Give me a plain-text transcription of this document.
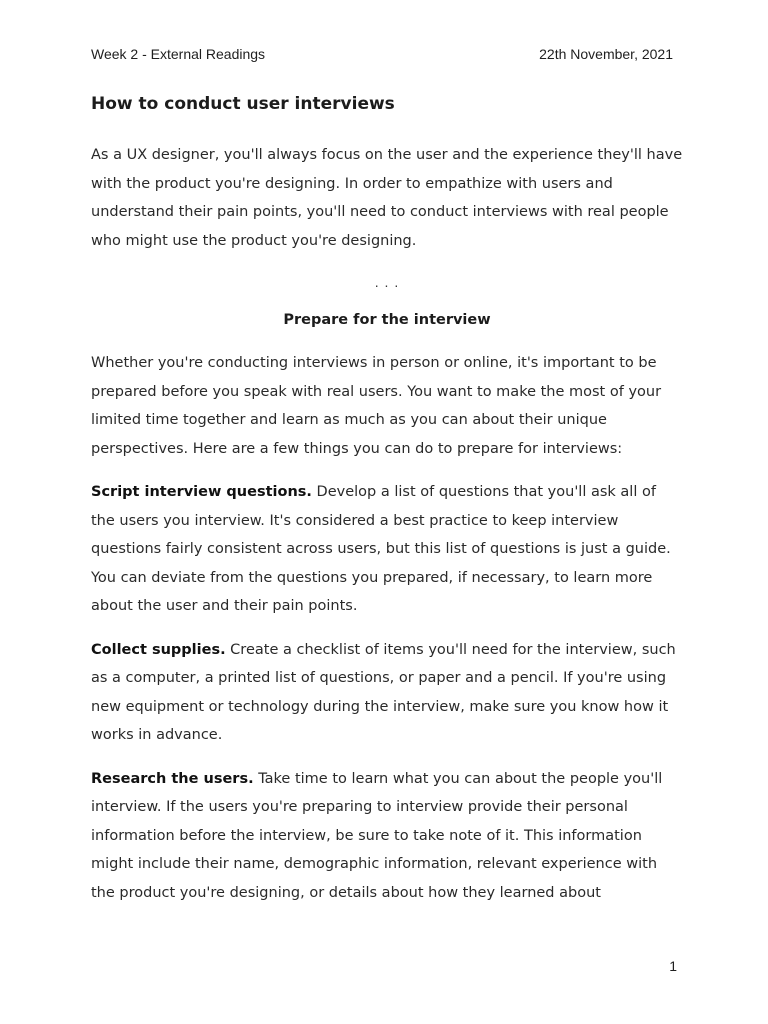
Week 2 - External Readings	22th November, 2021
How to conduct user interviews

As a UX designer, you'll always focus on the user and the experience they'll have with the product you're designing. In order to empathize with users and understand their pain points, you'll need to conduct interviews with real people who might use the product you're designing.

. . .
Prepare for the interview

Whether you're conducting interviews in person or online, it's important to be prepared before you speak with real users. You want to make the most of your limited time together and learn as much as you can about their unique perspectives. Here are a few things you can do to prepare for interviews:

Script interview questions. Develop a list of questions that you'll ask all of the users you interview. It's considered a best practice to keep interview questions fairly consistent across users, but this list of questions is just a guide. You can deviate from the questions you prepared, if necessary, to learn more about the user and their pain points.

Collect supplies. Create a checklist of items you'll need for the interview, such as a computer, a printed list of questions, or paper and a pencil. If you're using new equipment or technology during the interview, make sure you know how it works in advance.

Research the users. Take time to learn what you can about the people you'll interview. If the users you're preparing to interview provide their personal information before the interview, be sure to take note of it. This information might include their name, demographic information, relevant experience with the product you're designing, or details about how they learned about

1
